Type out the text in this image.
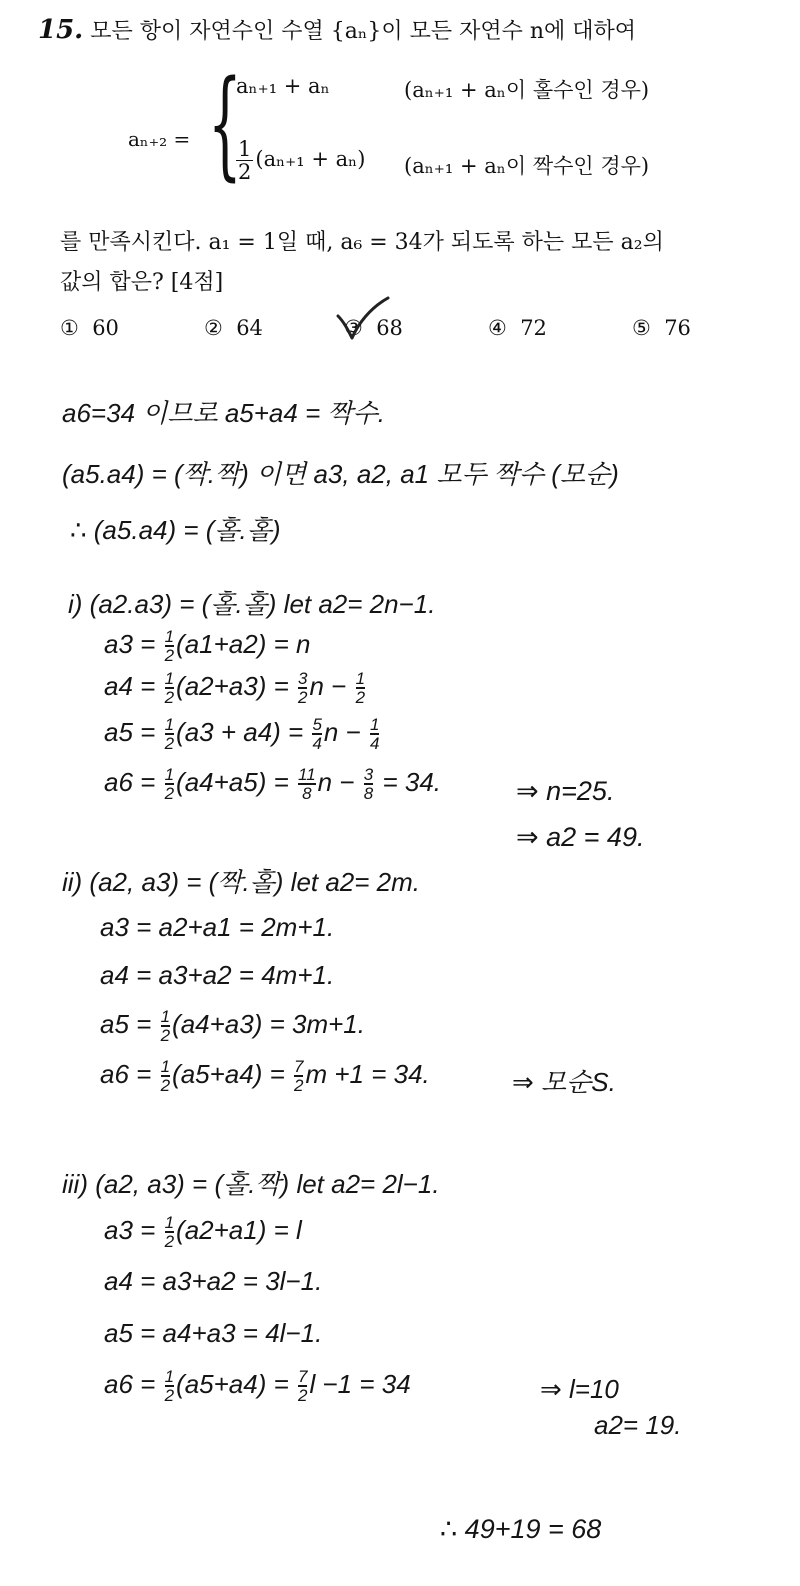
15. 모든 항이 자연수인 수열 {aₙ}이 모든 자연수 n에 대하여
aₙ₊₂ = {
aₙ₊₁ + aₙ	(aₙ₊₁ + aₙ이 홀수인 경우)
$\frac{1}{2} (a_{n+1} + a_n) (a_{n+1} + a_n$이 짝수인 경우)
를 만족시킨다. a₁ = 1일 때, a₆ = 34가 되도록 하는 모든 a₂의
값의 합은? [4점]
① 60	② 64	③ 68	④ 72	⑤ 76
a6=34 이므로 a5+a4 = 짝수.
(a5.a4) = (짝.짝) 이면 a3, a2, a1 모두 짝수 (모순)
∴ (a5.a4) = (홀.홀)
i) (a2.a3) = (홀.홀) let a2= 2n−1.
$a3 = \frac{1}{2} (a1+a2) = n$
$a4 = \frac{1}{2} (a2+a3) = \frac{3}{2}$ $n - \frac{1}{2}$
$a5 = \frac{1}{2} (a3 + a4) = \frac{5}{4}$ $n - \frac{1}{4}$
$a6 = \frac{1}{2} (a4+a5) = \frac{11}{8}$ $n - \frac{3}{8} = 34$.	⇒ n=25.
⇒ a2 = 49.
ii) (a2, a3) = (짝.홀) let a2= 2m.
a3 = a2+a1 = 2m+1.
a4 = a3+a2 = 4m+1.
$a5 = \frac{1}{2} (a4+a3) = 3m+1$.
$a6 = \frac{1}{2} (a5+a4) = \frac{7}{2}$ m +1 = 34.	⇒ 모순S.
iii) (a2, a3) = (홀.짝) let a2= 2l−1.
$a3 = \frac{1}{2} (a2+a1) = l$
a4 = a3+a2 = 3l−1.
a5 = a4+a3 = 4l−1.
$a6 = \frac{1}{2} (a5+a4) = \frac{7}{2}$ l −1 = 34	⇒ l=10
a2= 19.
∴ 49+19 = 68
